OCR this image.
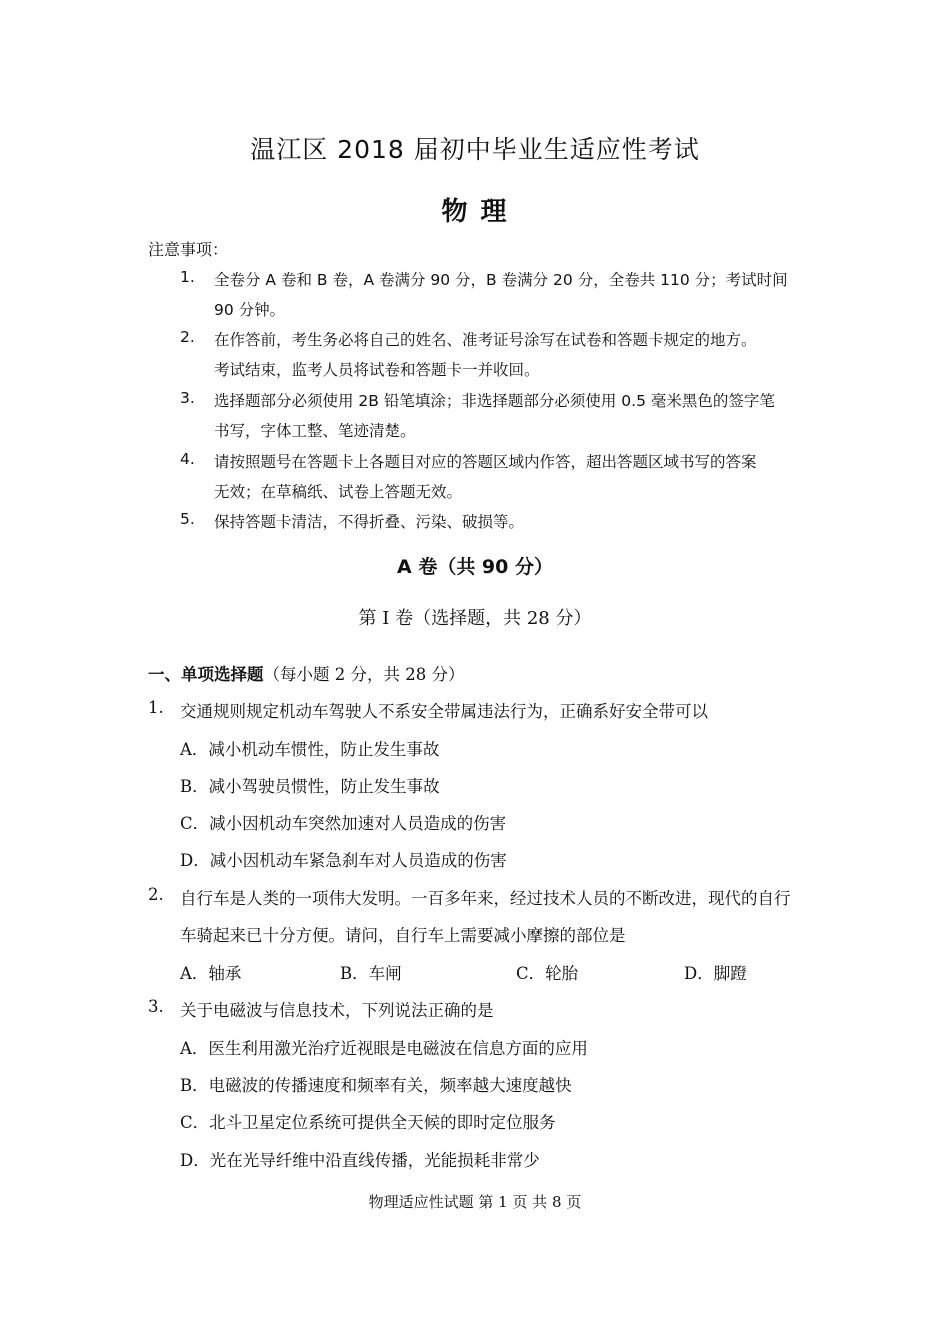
温江区 2018 届初中毕业生适应性考试
物 理
注意事项：
1.	全卷分 A 卷和 B 卷，A 卷满分 90 分，B 卷满分 20 分，全卷共 110 分；考试时间
90 分钟。
2.	在作答前，考生务必将自己的姓名、准考证号涂写在试卷和答题卡规定的地方。
考试结束，监考人员将试卷和答题卡一并收回。
3.	选择题部分必须使用 2B 铅笔填涂；非选择题部分必须使用 0.5 毫米黑色的签字笔
书写，字体工整、笔迹清楚。
4.	请按照题号在答题卡上各题目对应的答题区域内作答，超出答题区域书写的答案
无效；在草稿纸、试卷上答题无效。
5.	保持答题卡清洁，不得折叠、污染、破损等。
A 卷（共 90 分）
第 I 卷（选择题，共 28 分）
一、单项选择题（每小题 2 分，共 28 分）
1. 交通规则规定机动车驾驶人不系安全带属违法行为，正确系好安全带可以
A．减小机动车惯性，防止发生事故
B．减小驾驶员惯性，防止发生事故
C．减小因机动车突然加速对人员造成的伤害
D．减小因机动车紧急刹车对人员造成的伤害
2. 自行车是人类的一项伟大发明。一百多年来，经过技术人员的不断改进，现代的自行
车骑起来已十分方便。请问，自行车上需要减小摩擦的部位是
A．轴承	B．车闸	C．轮胎	D．脚蹬
3. 关于电磁波与信息技术，下列说法正确的是
A．医生利用激光治疗近视眼是电磁波在信息方面的应用
B．电磁波的传播速度和频率有关，频率越大速度越快
C．北斗卫星定位系统可提供全天候的即时定位服务
D．光在光导纤维中沿直线传播，光能损耗非常少
物理适应性试题 第 1 页 共 8 页
